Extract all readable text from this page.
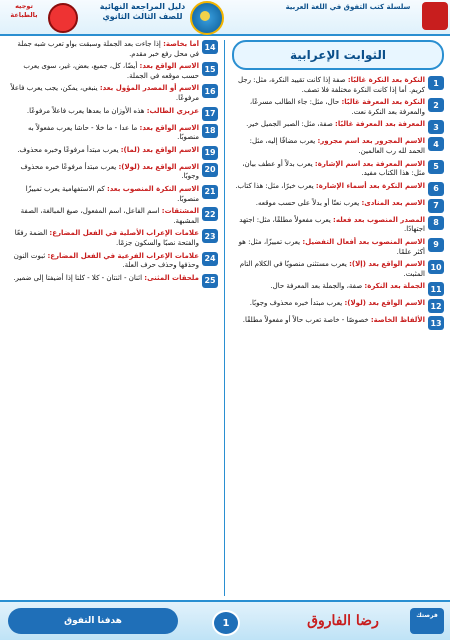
سلسلة كتب التفوق في اللغة العربية
دليل المراجعة النهائية للصف الثالث الثانوي
توجيه بالطباعة
الثوابت الإعرابية
1
النكرة بعد النكرة غالبًا: صفة إذا كانت تقييد النكرة، مثل: رجل كريم. أما إذا كانت النكرة مختلفة فلا تصف.
2
النكرة بعد المعرفة غالبًا: حال، مثل: جاء الطالب مسرعًا، والمعرفة بعد النكرة نعت.
3
المعرفة بعد المعرفة غالبًا: صفة، مثل: الصبر الجميل خير.
4
الاسم المجرور بعد اسم مجرور: يعرب مضافًا إليه، مثل: الحمد لله رب العالمين.
5
الاسم المعرفة بعد اسم الإشارة: يعرب بدلاً أو عطف بيان، مثل: هذا الكتاب مفيد.
6
الاسم النكرة بعد أسماء الإشارة: يعرب خبرًا، مثل: هذا كتاب.
7
الاسم بعد المنادى: يعرب نعتًا أو بدلاً على حسب موقعه.
8
المصدر المنصوب بعد فعله: يعرب مفعولاً مطلقًا، مثل: اجتهد اجتهادًا.
9
الاسم المنصوب بعد أفعال التفضيل: يعرب تمييزًا، مثل: هو أكثر علمًا.
10
الاسم الواقع بعد (إلا): يعرب مستثنى منصوبًا في الكلام التام المثبت.
11
الجملة بعد النكرة: صفة، والجملة بعد المعرفة حال.
12
الاسم الواقع بعد (لولا): يعرب مبتدأ خبره محذوف وجوبًا.
13
الألفاظ الخاصة: خصوصًا - خاصة تعرب حالاً أو مفعولاً مطلقًا.
14
أما بخاصة: إذا جاءت بعد الجملة وسبقت بواو تعرب شبه جملة في محل رفع خبر مقدم.
15
الاسم الواقع بعد: أيضًا، كل، جميع، بعض، غير، سوى يعرب حسب موقعه في الجملة.
16
الاسم أو المصدر المؤول بعد: ينبغي، يمكن، يجب يعرب فاعلاً مرفوعًا.
17
عزيزي الطالب: هذه الأوزان ما بعدها يعرب فاعلاً مرفوعًا.
18
الاسم الواقع بعد: ما عدا - ما خلا - حاشا يعرب مفعولاً به منصوبًا.
19
الاسم الواقع بعد (لما): يعرب مبتدأ مرفوعًا وخبره محذوف.
20
الاسم الواقع بعد (لولا): يعرب مبتدأ مرفوعًا خبره محذوف وجوبًا.
21
الاسم النكرة المنصوب بعد: كم الاستفهامية يعرب تمييزًا منصوبًا.
22
المشتقات: اسم الفاعل، اسم المفعول، صيغ المبالغة، الصفة المشبهة.
23
علامات الإعراب الأصلية في الفعل المضارع: الضمة رفعًا والفتحة نصبًا والسكون جزمًا.
24
علامات الإعراب الفرعية في الفعل المضارع: ثبوت النون وحذفها وحذف حرف العلة.
25
ملحقات المثنى: اثنان - اثنتان - كلا - كلتا إذا أضيفتا إلى ضمير.
فرصتك
رضا الفاروق
1
هدفنا التفوق
